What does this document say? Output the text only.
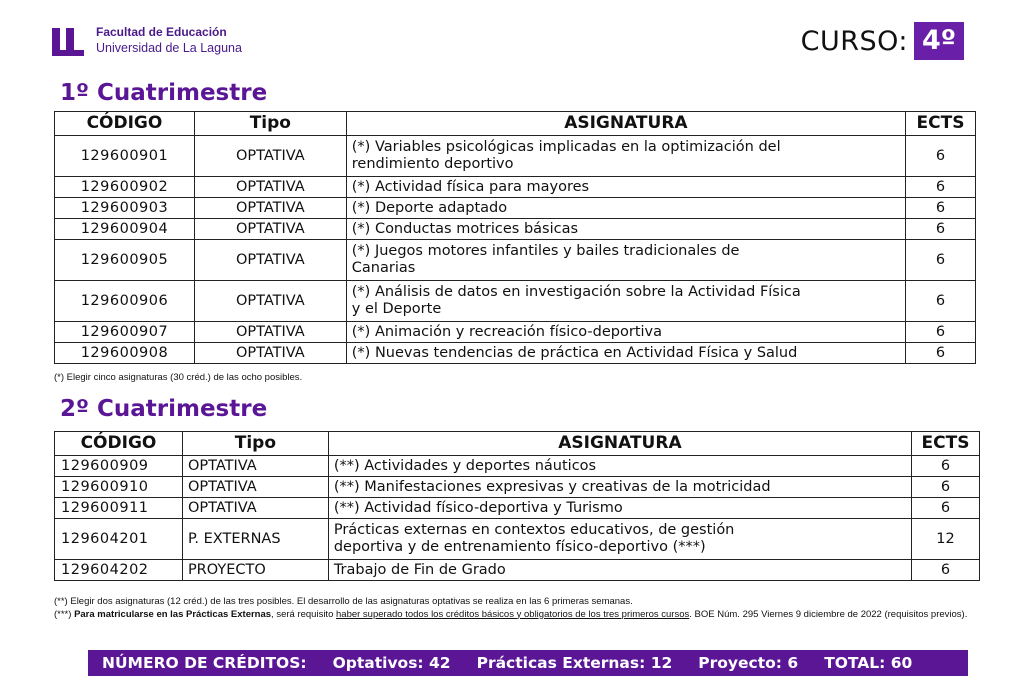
Facultad de Educación
Universidad de La Laguna	CURSO: 4º
1º Cuatrimestre
CÓDIGO	Tipo	ASIGNATURA	ECTS
129600901	OPTATIVA	(*) Variables psicológicas implicadas en la optimización del
rendimiento deportivo	6
129600902	OPTATIVA	(*) Actividad física para mayores	6
129600903	OPTATIVA	(*) Deporte adaptado	6
129600904	OPTATIVA	(*) Conductas motrices básicas	6
129600905	OPTATIVA	(*) Juegos motores infantiles y bailes tradicionales de
Canarias	6
129600906	OPTATIVA	(*) Análisis de datos en investigación sobre la Actividad Física
y el Deporte	6
129600907	OPTATIVA	(*) Animación y recreación físico-deportiva	6
129600908	OPTATIVA	(*) Nuevas tendencias de práctica en Actividad Física y Salud	6
(*) Elegir cinco asignaturas (30 créd.) de las ocho posibles.
2º Cuatrimestre
CÓDIGO	Tipo	ASIGNATURA	ECTS
129600909	OPTATIVA	(**) Actividades y deportes náuticos	6
129600910	OPTATIVA	(**) Manifestaciones expresivas y creativas de la motricidad	6
129600911	OPTATIVA	(**) Actividad físico-deportiva y Turismo	6
129604201	P. EXTERNAS	Prácticas externas en contextos educativos, de gestión
deportiva y de entrenamiento físico-deportivo (***)	12
129604202	PROYECTO	Trabajo de Fin de Grado	6
(**) Elegir dos asignaturas (12 créd.) de las tres posibles. El desarrollo de las asignaturas optativas se realiza en las 6 primeras semanas.
(***) Para matricularse en las Prácticas Externas, será requisito haber superado todos los créditos básicos y obligatorios de los tres primeros cursos. BOE Núm. 295 Viernes 9 diciembre de 2022 (requisitos previos).
NÚMERO DE CRÉDITOS: Optativos: 42 Prácticas Externas: 12 Proyecto: 6 TOTAL: 60
